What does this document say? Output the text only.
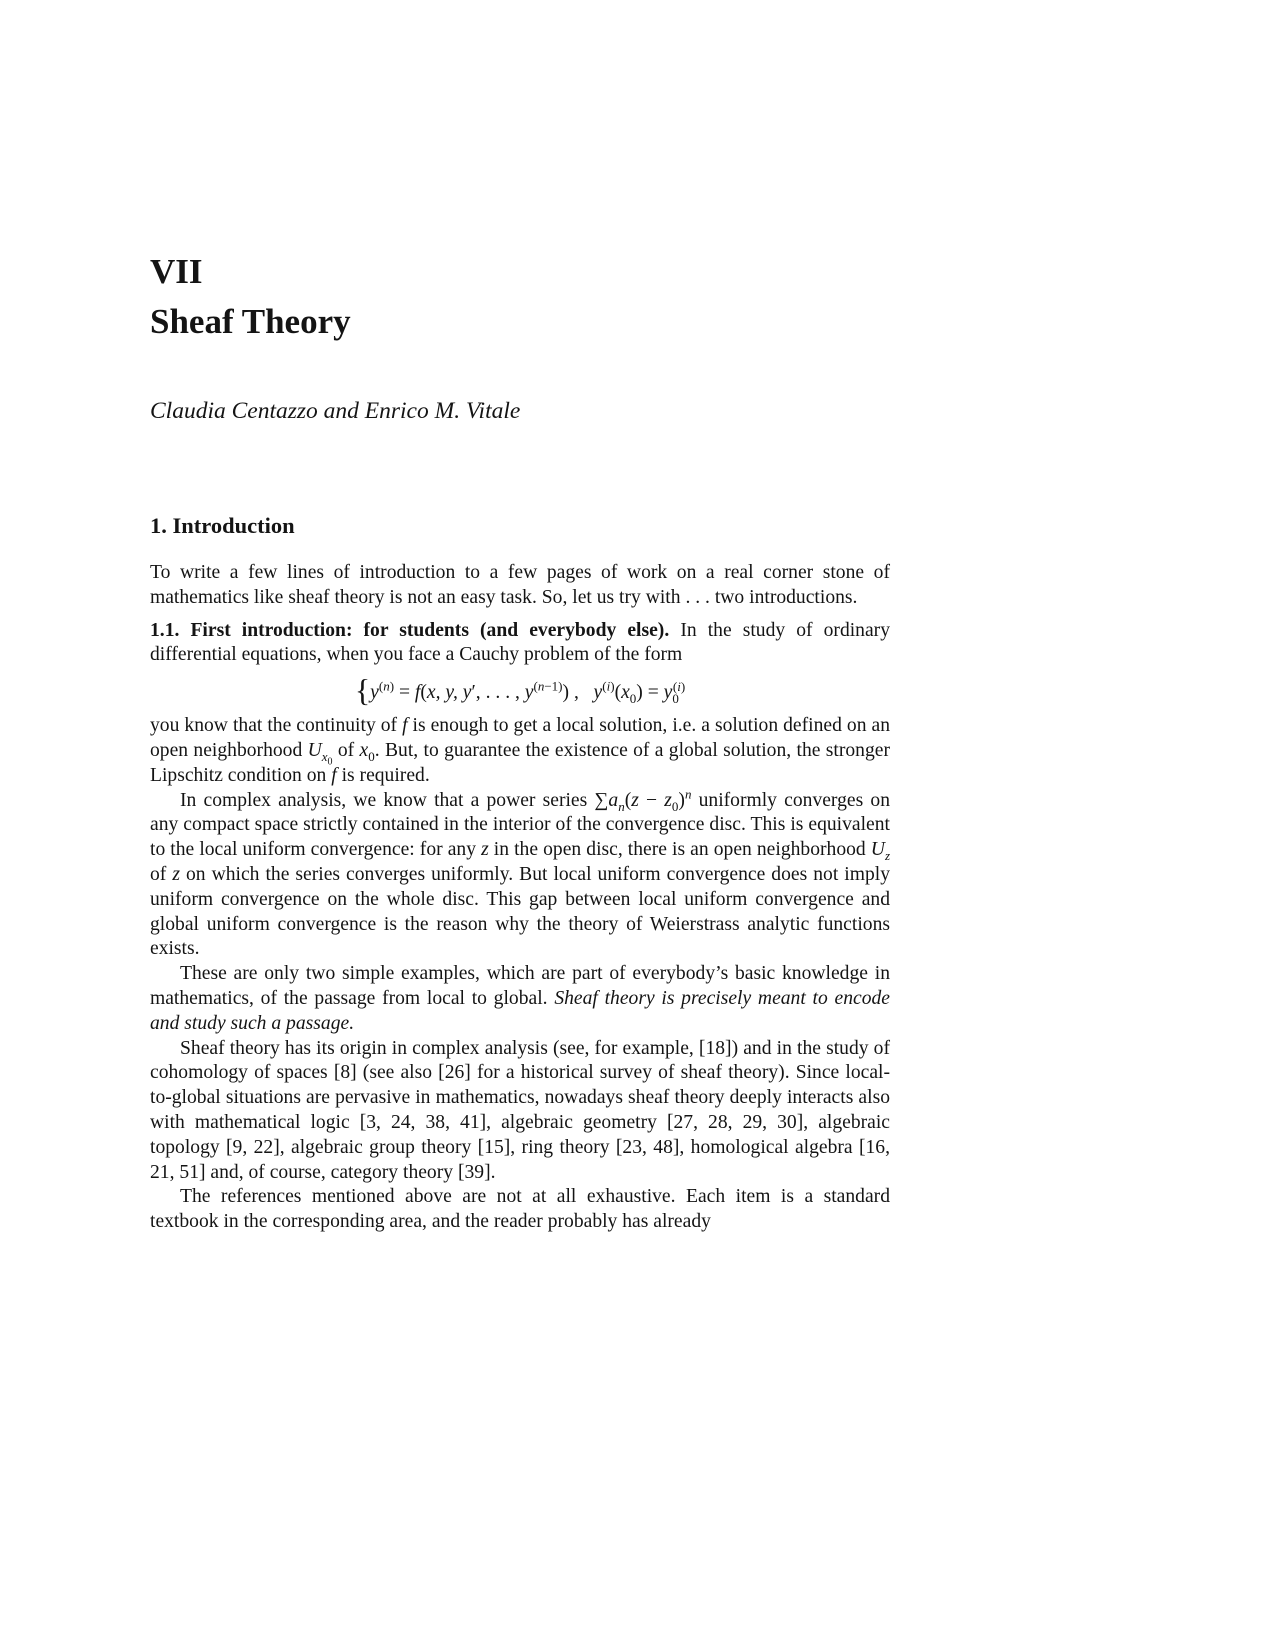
VII
Sheaf Theory
Claudia Centazzo and Enrico M. Vitale
1. Introduction

To write a few lines of introduction to a few pages of work on a real corner stone of mathematics like sheaf theory is not an easy task. So, let us try with . . . two introductions.

1.1. First introduction: for students (and everybody else). In the study of ordinary differential equations, when you face a Cauchy problem of the form

{$y^{(n)} = f(x$, y, y′, . . . , $y^{(n-1)}$) ,   $y^{(i)}(x_0) = y_0^{(i)}$

you know that the continuity of f is enough to get a local solution, i.e. a solution defined on an open neighborhood $U_{x_0}$ of $x_0$. But, to guarantee the existence of a global solution, the stronger Lipschitz condition on f is required.

In complex analysis, we know that a power series $\sum a_n(z - z_0)^n$ uniformly converges on any compact space strictly contained in the interior of the convergence disc. This is equivalent to the local uniform convergence: for any z in the open disc, there is an open neighborhood $U_z$ of z on which the series converges uniformly. But local uniform convergence does not imply uniform convergence on the whole disc. This gap between local uniform convergence and global uniform convergence is the reason why the theory of Weierstrass analytic functions exists.

These are only two simple examples, which are part of everybody’s basic knowledge in mathematics, of the passage from local to global. Sheaf theory is precisely meant to encode and study such a passage.

Sheaf theory has its origin in complex analysis (see, for example, [18]) and in the study of cohomology of spaces [8] (see also [26] for a historical survey of sheaf theory). Since local-to-global situations are pervasive in mathematics, nowadays sheaf theory deeply interacts also with mathematical logic [3, 24, 38, 41], algebraic geometry [27, 28, 29, 30], algebraic topology [9, 22], algebraic group theory [15], ring theory [23, 48], homological algebra [16, 21, 51] and, of course, category theory [39].

The references mentioned above are not at all exhaustive. Each item is a standard textbook in the corresponding area, and the reader probably has already
